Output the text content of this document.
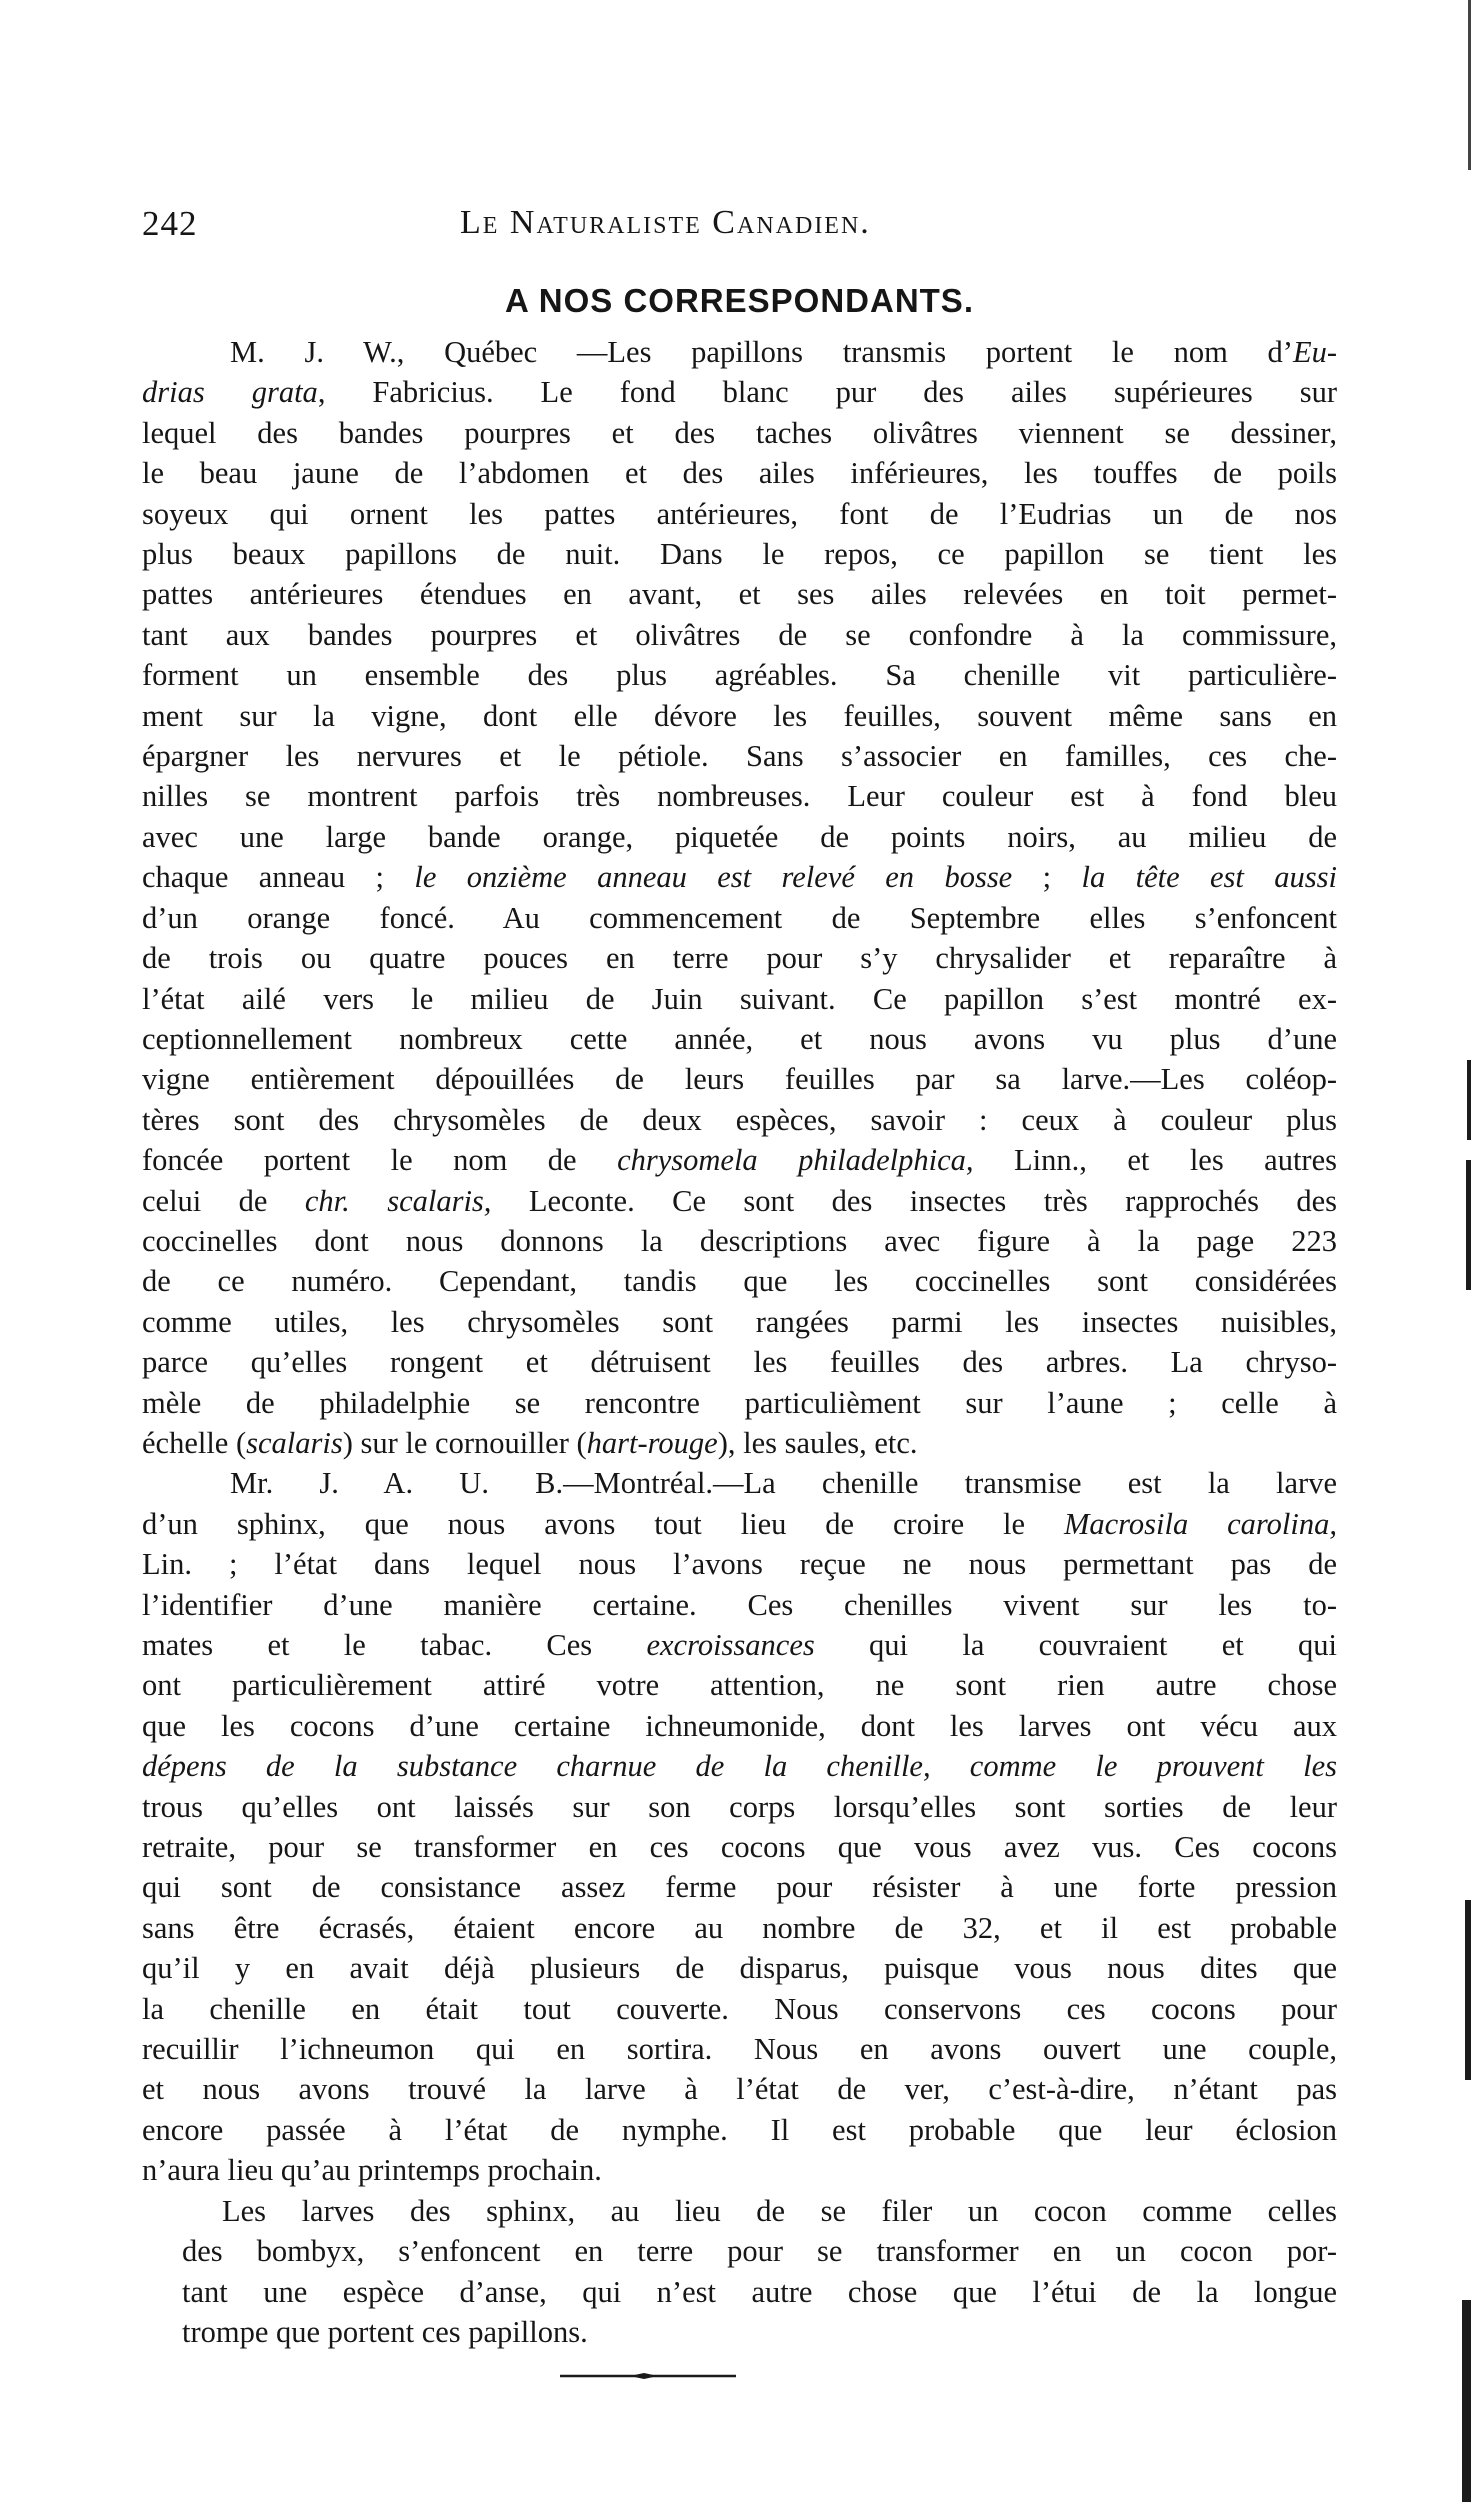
242	Le Naturaliste Canadien.
A NOS CORRESPONDANTS.

M. J. W., Québec —Les papillons transmis portent le nom d’Eu-
drias grata, Fabricius. Le fond blanc pur des ailes supérieures sur
lequel des bandes pourpres et des taches olivâtres viennent se dessiner,
le beau jaune de l’abdomen et des ailes inférieures, les touffes de poils
soyeux qui ornent les pattes antérieures, font de l’Eudrias un de nos
plus beaux papillons de nuit. Dans le repos, ce papillon se tient les
pattes antérieures étendues en avant, et ses ailes relevées en toit permet-
tant aux bandes pourpres et olivâtres de se confondre à la commissure,
forment un ensemble des plus agréables. Sa chenille vit particulière-
ment sur la vigne, dont elle dévore les feuilles, souvent même sans en
épargner les nervures et le pétiole. Sans s’associer en familles, ces che-
nilles se montrent parfois très nombreuses. Leur couleur est à fond bleu
avec une large bande orange, piquetée de points noirs, au milieu de
chaque anneau ; le onzième anneau est relevé en bosse ; la tête est aussi
d’un orange foncé. Au commencement de Septembre elles s’enfoncent
de trois ou quatre pouces en terre pour s’y chrysalider et reparaître à
l’état ailé vers le milieu de Juin suivant. Ce papillon s’est montré ex-
ceptionnellement nombreux cette année, et nous avons vu plus d’une
vigne entièrement dépouillées de leurs feuilles par sa larve.—Les coléop-
tères sont des chrysomèles de deux espèces, savoir : ceux à couleur plus
foncée portent le nom de chrysomela philadelphica, Linn., et les autres
celui de chr. scalaris, Leconte. Ce sont des insectes très rapprochés des
coccinelles dont nous donnons la descriptions avec figure à la page 223
de ce numéro. Cependant, tandis que les coccinelles sont considérées
comme utiles, les chrysomèles sont rangées parmi les insectes nuisibles,
parce qu’elles rongent et détruisent les feuilles des arbres. La chryso-
mèle de philadelphie se rencontre particulièment sur l’aune ; celle à
échelle (scalaris) sur le cornouiller (hart-rouge), les saules, etc.

Mr. J. A. U. B.—Montréal.—La chenille transmise est la larve
d’un sphinx, que nous avons tout lieu de croire le Macrosila carolina,
Lin. ; l’état dans lequel nous l’avons reçue ne nous permettant pas de
l’identifier d’une manière certaine. Ces chenilles vivent sur les to-
mates et le tabac. Ces excroissances qui la couvraient et qui
ont particulièrement attiré votre attention, ne sont rien autre chose
que les cocons d’une certaine ichneumonide, dont les larves ont vécu aux
dépens de la substance charnue de la chenille, comme le prouvent les
trous qu’elles ont laissés sur son corps lorsqu’elles sont sorties de leur
retraite, pour se transformer en ces cocons que vous avez vus. Ces cocons
qui sont de consistance assez ferme pour résister à une forte pression
sans être écrasés, étaient encore au nombre de 32, et il est probable
qu’il y en avait déjà plusieurs de disparus, puisque vous nous dites que
la chenille en était tout couverte. Nous conservons ces cocons pour
recuillir l’ichneumon qui en sortira. Nous en avons ouvert une couple,
et nous avons trouvé la larve à l’état de ver, c’est-à-dire, n’étant pas
encore passée à l’état de nymphe. Il est probable que leur éclosion
n’aura lieu qu’au printemps prochain.

Les larves des sphinx, au lieu de se filer un cocon comme celles
des bombyx, s’enfoncent en terre pour se transformer en un cocon por-
tant une espèce d’anse, qui n’est autre chose que l’étui de la longue
trompe que portent ces papillons.
